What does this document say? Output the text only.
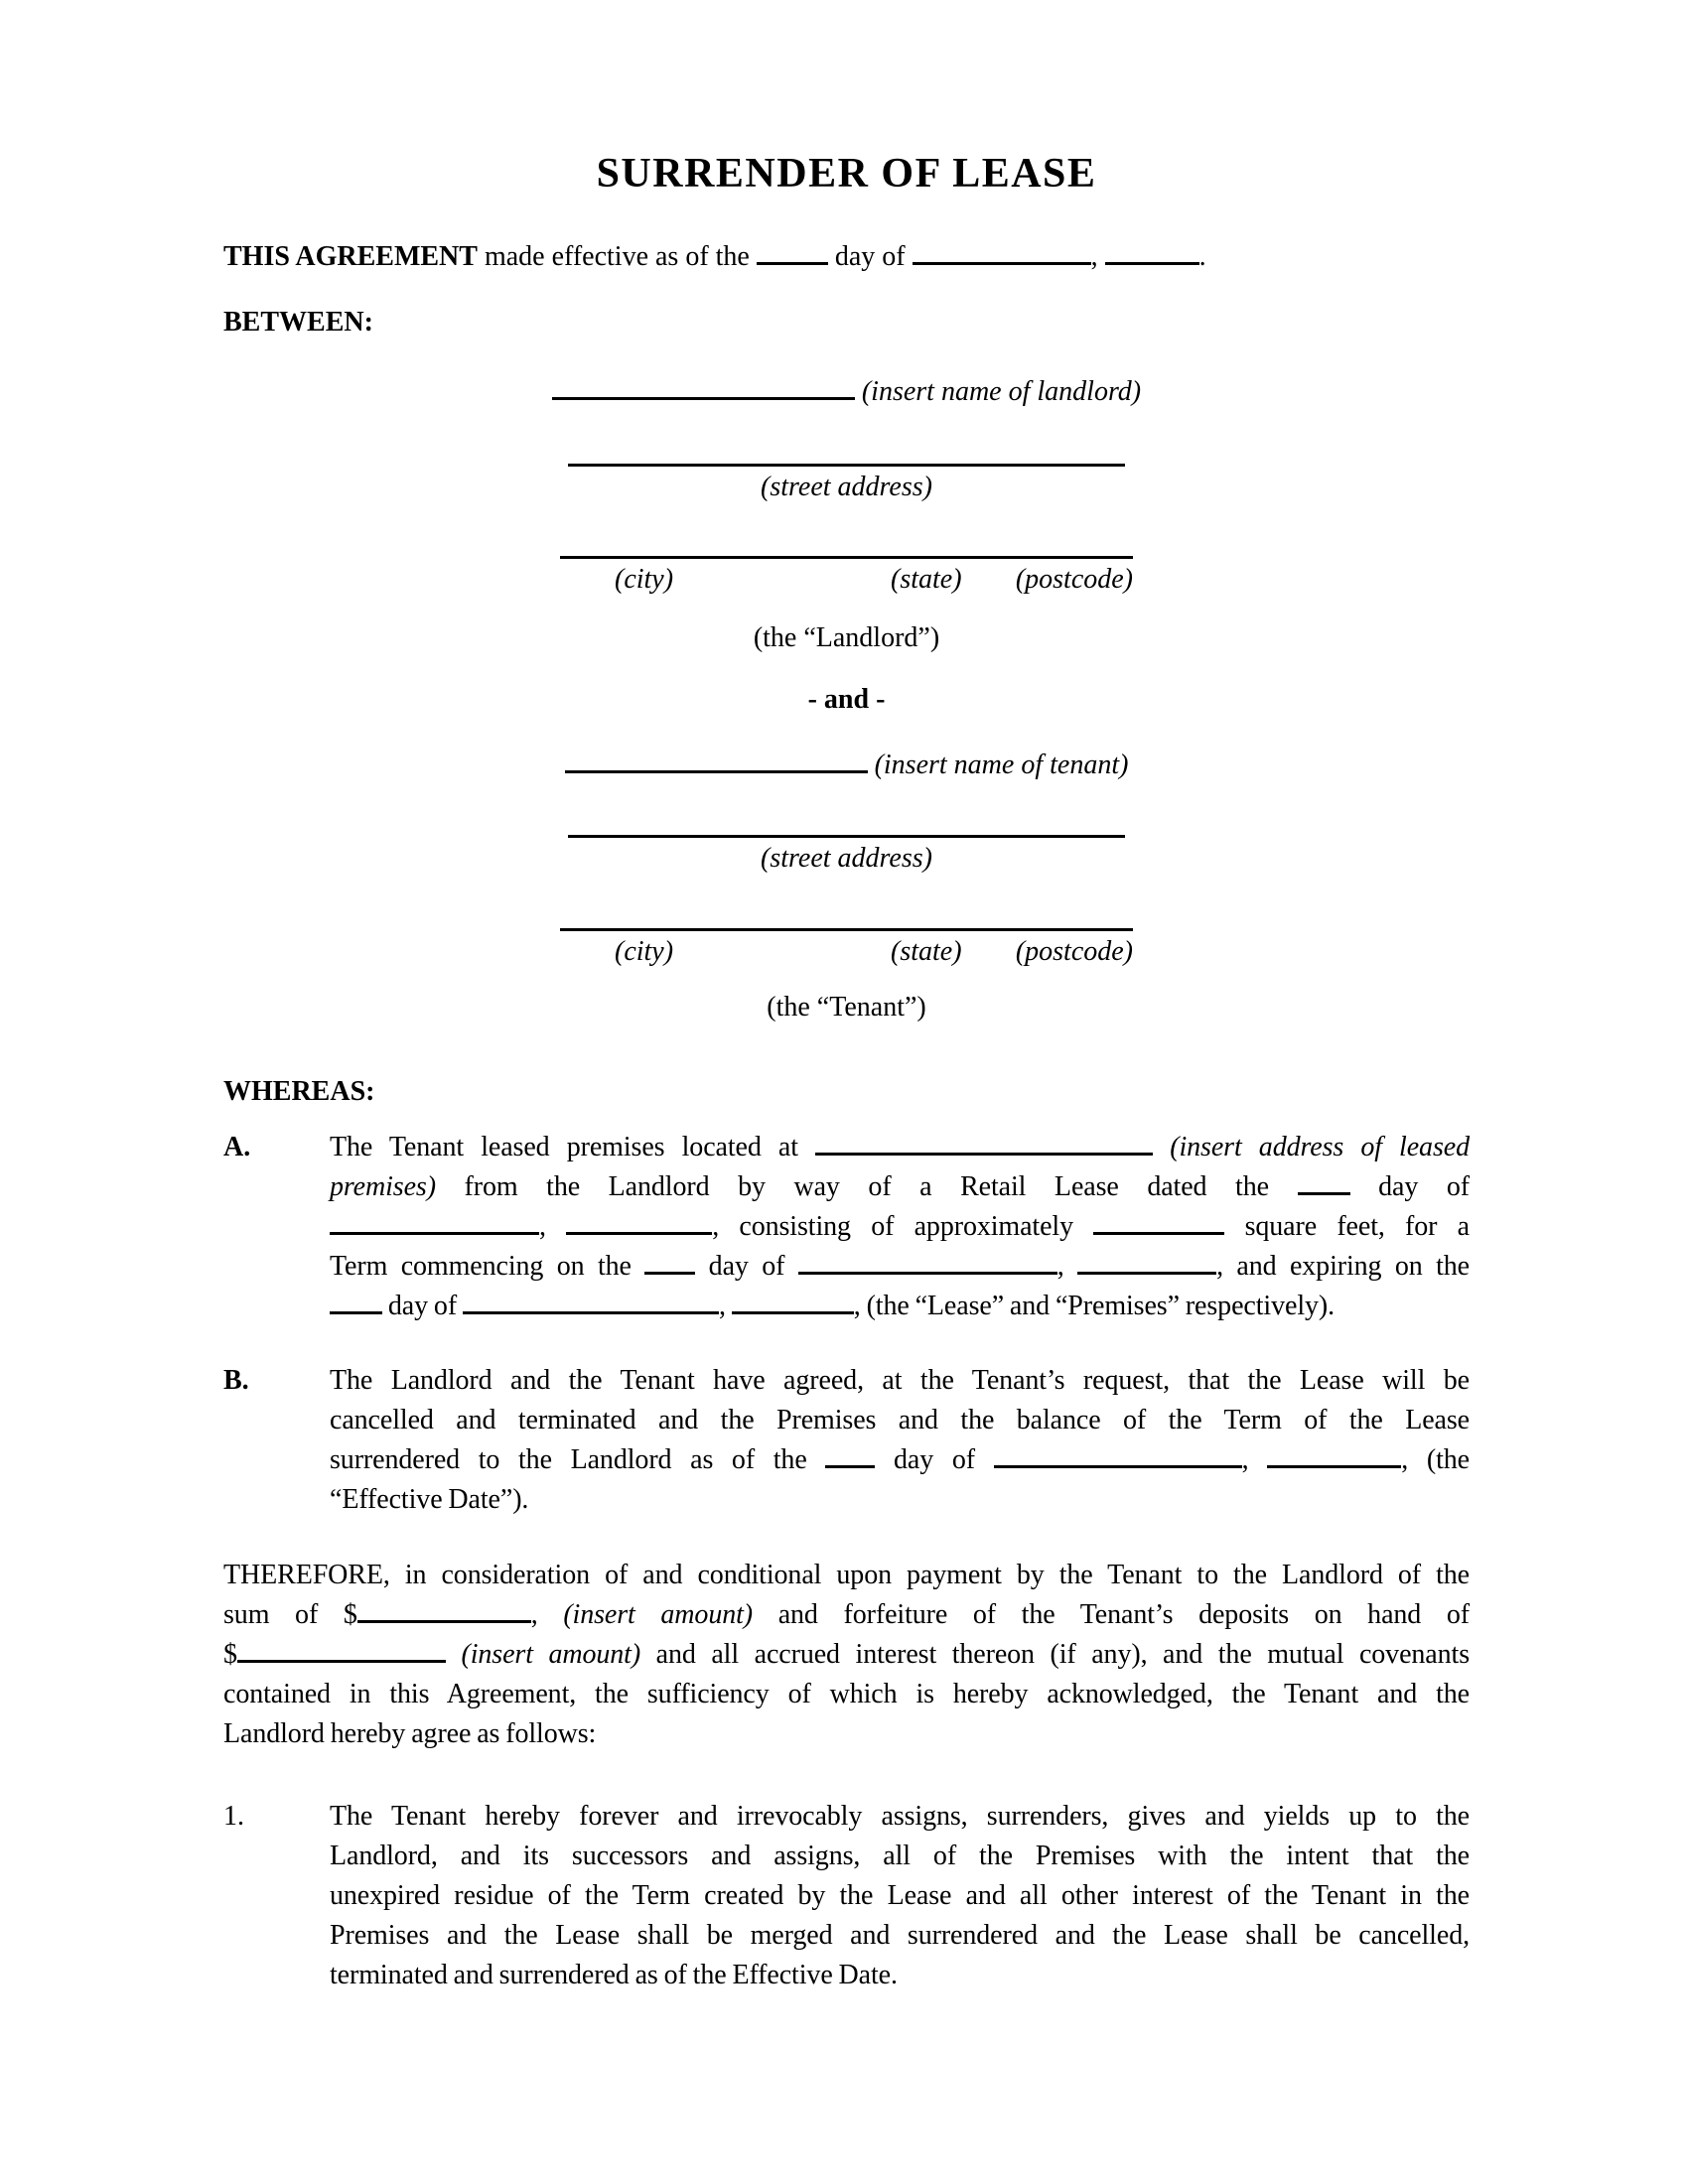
SURRENDER OF LEASE
THIS AGREEMENT made effective as of the	day of	,	.
BETWEEN:
(insert name of landlord)
(street address)
(city)	(state) (postcode)
(the “Landlord”)
- and -
(insert name of tenant)
(street address)
(city)	(state) (postcode)
(the “Tenant”)
WHEREAS:
A.	The Tenant leased premises located at	(insert address of leased
premises) from the Landlord by way of a Retail Lease dated the  day of
,	, consisting of approximately	square feet, for a
Term commencing on the  day of	,	, and expiring on the
day of	,	, (the “Lease” and “Premises” respectively).
B.	The Landlord and the Tenant have agreed, at the Tenant’s request, that the Lease will be
cancelled and terminated and the Premises and the balance of the Term of the Lease
surrendered to the Landlord as of the  day of	,	, (the
“Effective Date”).
THEREFORE, in consideration of and conditional upon payment by the Tenant to the Landlord of the
sum of $	, (insert amount) and forfeiture of the Tenant’s deposits on hand of
$	(insert amount) and all accrued interest thereon (if any), and the mutual covenants
contained in this Agreement, the sufficiency of which is hereby acknowledged, the Tenant and the
Landlord hereby agree as follows:
1.	The Tenant hereby forever and irrevocably assigns, surrenders, gives and yields up to the
Landlord, and its successors and assigns, all of the Premises with the intent that the
unexpired residue of the Term created by the Lease and all other interest of the Tenant in the
Premises and the Lease shall be merged and surrendered and the Lease shall be cancelled,
terminated and surrendered as of the Effective Date.
